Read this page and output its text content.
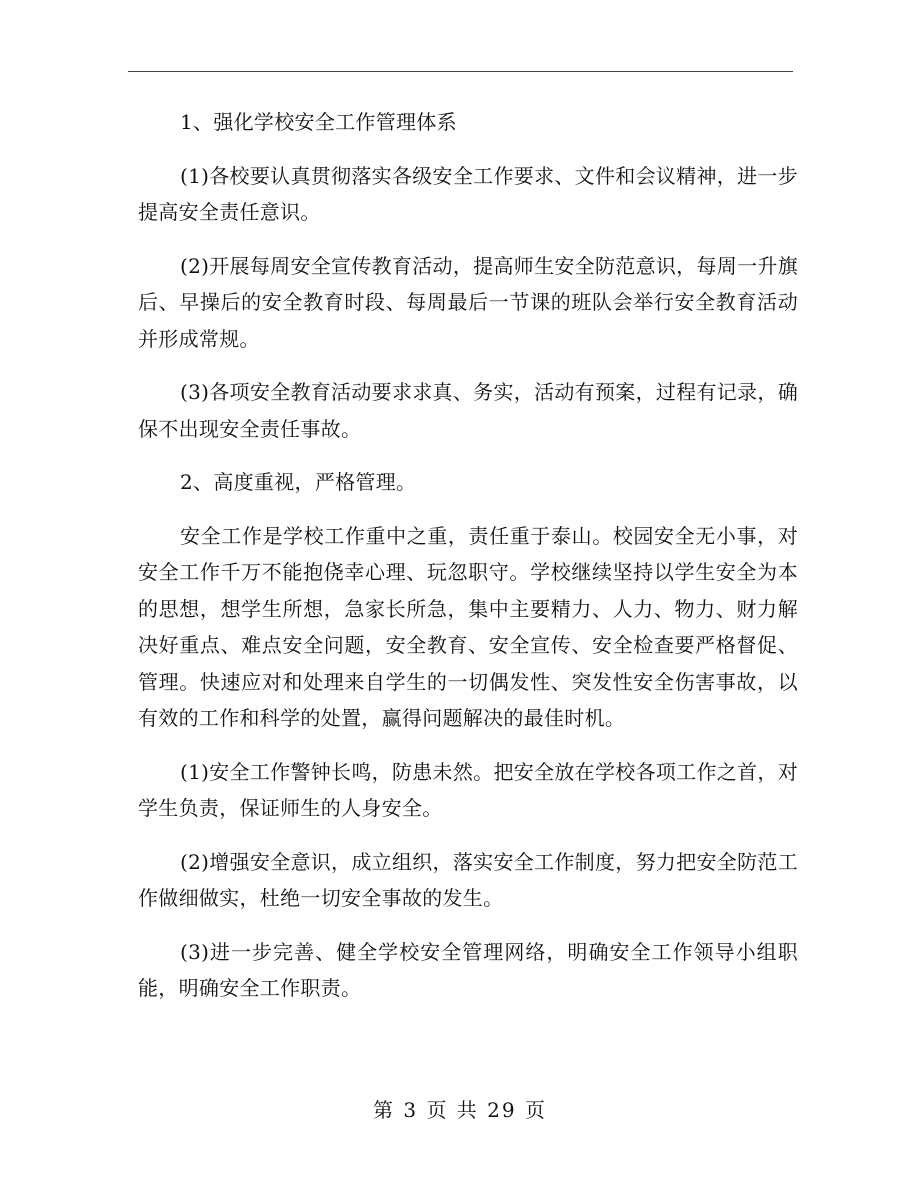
1、强化学校安全工作管理体系

(1)各校要认真贯彻落实各级安全工作要求、文件和会议精神，进一步提高安全责任意识。

(2)开展每周安全宣传教育活动，提高师生安全防范意识，每周一升旗后、早操后的安全教育时段、每周最后一节课的班队会举行安全教育活动并形成常规。

(3)各项安全教育活动要求求真、务实，活动有预案，过程有记录，确保不出现安全责任事故。

2、高度重视，严格管理。

安全工作是学校工作重中之重，责任重于泰山。校园安全无小事，对安全工作千万不能抱侥幸心理、玩忽职守。学校继续坚持以学生安全为本的思想，想学生所想，急家长所急，集中主要精力、人力、物力、财力解决好重点、难点安全问题，安全教育、安全宣传、安全检查要严格督促、管理。快速应对和处理来自学生的一切偶发性、突发性安全伤害事故，以有效的工作和科学的处置，赢得问题解决的最佳时机。

(1)安全工作警钟长鸣，防患未然。把安全放在学校各项工作之首，对学生负责，保证师生的人身安全。

(2)增强安全意识，成立组织，落实安全工作制度，努力把安全防范工作做细做实，杜绝一切安全事故的发生。

(3)进一步完善、健全学校安全管理网络，明确安全工作领导小组职能，明确安全工作职责。

第 3 页 共 29 页
